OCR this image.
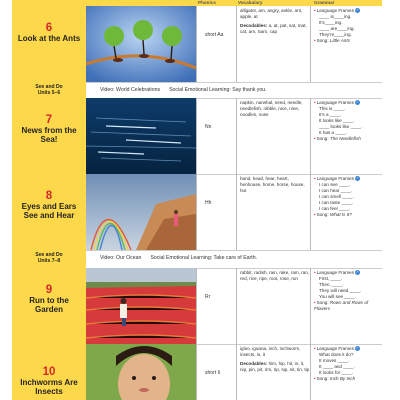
Phonics	Vocabulary	Grammar
6
Look at the Ants	short Aa
alligator, am, angry, ankle, ant, apple, at
Decodables: a, at, pat, sat, mat, cat, am, Sam, cap
•Language Frames ✓
____ is____ing.
It's____ing.
____ are____ing.
They're____ing.
•Song: Little Ants
See and Do
Units 5–6	Video: World Celebrations Social Emotional Learning: Say thank you.
7
News from the Sea!
Nn
napkin, narwhal, need, needle, needlefish, nibble, nice, nine, noodles, nose
•Language Frames ✓
This is ____.
It's a ____.
It looks like ____.
____ looks like ____.
It has a ____.
•Song: The Needlefish
8
Eyes and Ears See and Hear
Hh
hand, head, hear, heart, henhouse, home, horse, house, hut
•Language Frames ✓
I can see ____.
I can hear ____.
I can smell ____.
I can taste ____.
I can feel ____.
•Song: What Is It?
See and Do
Units 7–8	Video: Our Ocean Social Emotional Learning: Take care of Earth.
9
Run to the Garden
Rr
rabbit, radish, rain, rake, ram, ran, red, rice, ripe, root, rose, run
•Language Frames ✓
First, ____.
Then, ____.
They will need ____.
You will see ____.
•Song: Rows and Rows of Flowers
10
Inchworms Are Insects
short Ii
igloo, iguana, inch, inchworm, insects, is, it
Decodables: him, hip, hit, in, it, nip, pin, pit, rim, rip, sip, sit, tin, tip
•Language Frames ✓
What does it do?
It moves ____.
It ____ and ____.
It looks for ____.
•Song: Inch By Inch
